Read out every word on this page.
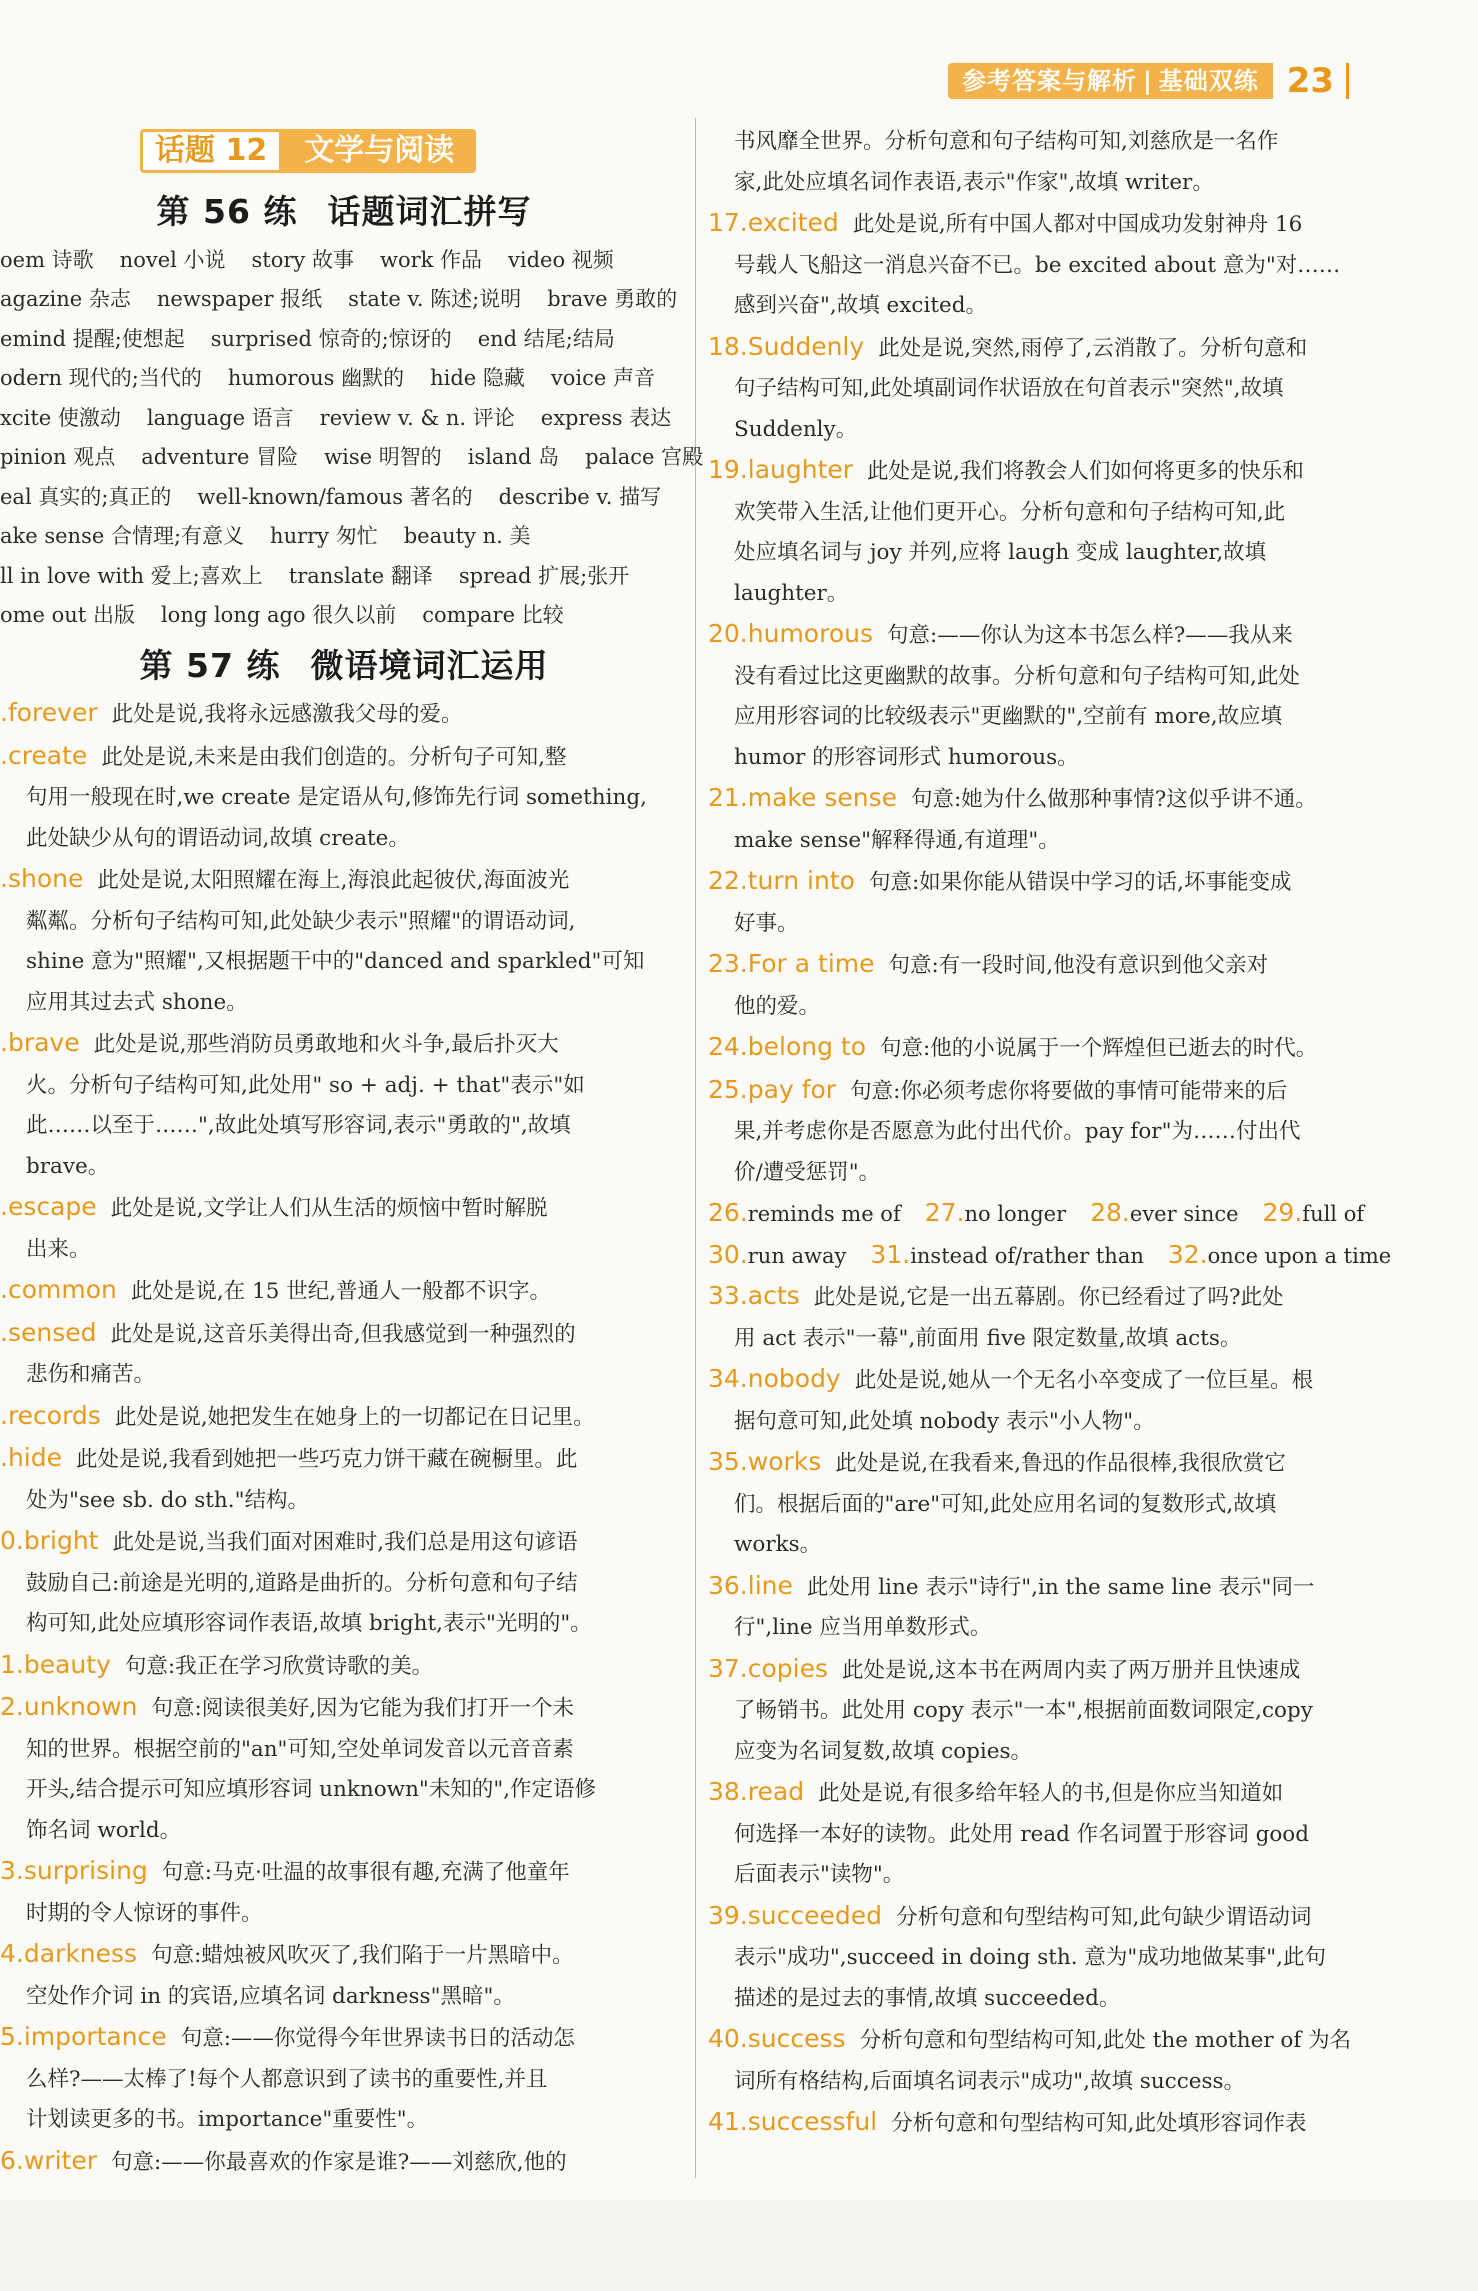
参考答案与解析 | 基础双练 23
话题 12	文学与阅读
第 56 练 话题词汇拼写
oem 诗歌 novel 小说 story 故事 work 作品 video 视频
agazine 杂志 newspaper 报纸 state v. 陈述;说明 brave 勇敢的
emind 提醒;使想起 surprised 惊奇的;惊讶的 end 结尾;结局
odern 现代的;当代的 humorous 幽默的 hide 隐藏 voice 声音
xcite 使激动 language 语言 review v. & n. 评论 express 表达
pinion 观点 adventure 冒险 wise 明智的 island 岛 palace 宫殿
eal 真实的;真正的 well-known/famous 著名的 describe v. 描写
ake sense 合情理;有意义 hurry 匆忙 beauty n. 美
ll in love with 爱上;喜欢上 translate 翻译 spread 扩展;张开
ome out 出版 long long ago 很久以前 compare 比较
第 57 练 微语境词汇运用
.forever 此处是说,我将永远感激我父母的爱。
.create 此处是说,未来是由我们创造的。分析句子可知,整
句用一般现在时,we create 是定语从句,修饰先行词 something,
此处缺少从句的谓语动词,故填 create。
.shone 此处是说,太阳照耀在海上,海浪此起彼伏,海面波光
粼粼。分析句子结构可知,此处缺少表示"照耀"的谓语动词,
shine 意为"照耀",又根据题干中的"danced and sparkled"可知
应用其过去式 shone。
.brave 此处是说,那些消防员勇敢地和火斗争,最后扑灭大
火。分析句子结构可知,此处用" so + adj. + that"表示"如
此……以至于……",故此处填写形容词,表示"勇敢的",故填
brave。
.escape 此处是说,文学让人们从生活的烦恼中暂时解脱
出来。
.common 此处是说,在 15 世纪,普通人一般都不识字。
.sensed 此处是说,这音乐美得出奇,但我感觉到一种强烈的
悲伤和痛苦。
.records 此处是说,她把发生在她身上的一切都记在日记里。
.hide 此处是说,我看到她把一些巧克力饼干藏在碗橱里。此
处为"see sb. do sth."结构。
0.bright 此处是说,当我们面对困难时,我们总是用这句谚语
鼓励自己:前途是光明的,道路是曲折的。分析句意和句子结
构可知,此处应填形容词作表语,故填 bright,表示"光明的"。
1.beauty 句意:我正在学习欣赏诗歌的美。
2.unknown 句意:阅读很美好,因为它能为我们打开一个未
知的世界。根据空前的"an"可知,空处单词发音以元音音素
开头,结合提示可知应填形容词 unknown"未知的",作定语修
饰名词 world。
3.surprising 句意:马克·吐温的故事很有趣,充满了他童年
时期的令人惊讶的事件。
4.darkness 句意:蜡烛被风吹灭了,我们陷于一片黑暗中。
空处作介词 in 的宾语,应填名词 darkness"黑暗"。
5.importance 句意:——你觉得今年世界读书日的活动怎
么样?——太棒了!每个人都意识到了读书的重要性,并且
计划读更多的书。importance"重要性"。
6.writer 句意:——你最喜欢的作家是谁?——刘慈欣,他的
书风靡全世界。分析句意和句子结构可知,刘慈欣是一名作
家,此处应填名词作表语,表示"作家",故填 writer。
17.excited 此处是说,所有中国人都对中国成功发射神舟 16
号载人飞船这一消息兴奋不已。be excited about 意为"对……
感到兴奋",故填 excited。
18.Suddenly 此处是说,突然,雨停了,云消散了。分析句意和
句子结构可知,此处填副词作状语放在句首表示"突然",故填
Suddenly。
19.laughter 此处是说,我们将教会人们如何将更多的快乐和
欢笑带入生活,让他们更开心。分析句意和句子结构可知,此
处应填名词与 joy 并列,应将 laugh 变成 laughter,故填
laughter。
20.humorous 句意:——你认为这本书怎么样?——我从来
没有看过比这更幽默的故事。分析句意和句子结构可知,此处
应用形容词的比较级表示"更幽默的",空前有 more,故应填
humor 的形容词形式 humorous。
21.make sense 句意:她为什么做那种事情?这似乎讲不通。
make sense"解释得通,有道理"。
22.turn into 句意:如果你能从错误中学习的话,坏事能变成
好事。
23.For a time 句意:有一段时间,他没有意识到他父亲对
他的爱。
24.belong to 句意:他的小说属于一个辉煌但已逝去的时代。
25.pay for 句意:你必须考虑你将要做的事情可能带来的后
果,并考虑你是否愿意为此付出代价。pay for"为……付出代
价/遭受惩罚"。
26.reminds me of 27.no longer 28.ever since 29.full of
30.run away 31.instead of/rather than 32.once upon a time
33.acts 此处是说,它是一出五幕剧。你已经看过了吗?此处
用 act 表示"一幕",前面用 five 限定数量,故填 acts。
34.nobody 此处是说,她从一个无名小卒变成了一位巨星。根
据句意可知,此处填 nobody 表示"小人物"。
35.works 此处是说,在我看来,鲁迅的作品很棒,我很欣赏它
们。根据后面的"are"可知,此处应用名词的复数形式,故填
works。
36.line 此处用 line 表示"诗行",in the same line 表示"同一
行",line 应当用单数形式。
37.copies 此处是说,这本书在两周内卖了两万册并且快速成
了畅销书。此处用 copy 表示"一本",根据前面数词限定,copy
应变为名词复数,故填 copies。
38.read 此处是说,有很多给年轻人的书,但是你应当知道如
何选择一本好的读物。此处用 read 作名词置于形容词 good
后面表示"读物"。
39.succeeded 分析句意和句型结构可知,此句缺少谓语动词
表示"成功",succeed in doing sth. 意为"成功地做某事",此句
描述的是过去的事情,故填 succeeded。
40.success 分析句意和句型结构可知,此处 the mother of 为名
词所有格结构,后面填名词表示"成功",故填 success。
41.successful 分析句意和句型结构可知,此处填形容词作表
